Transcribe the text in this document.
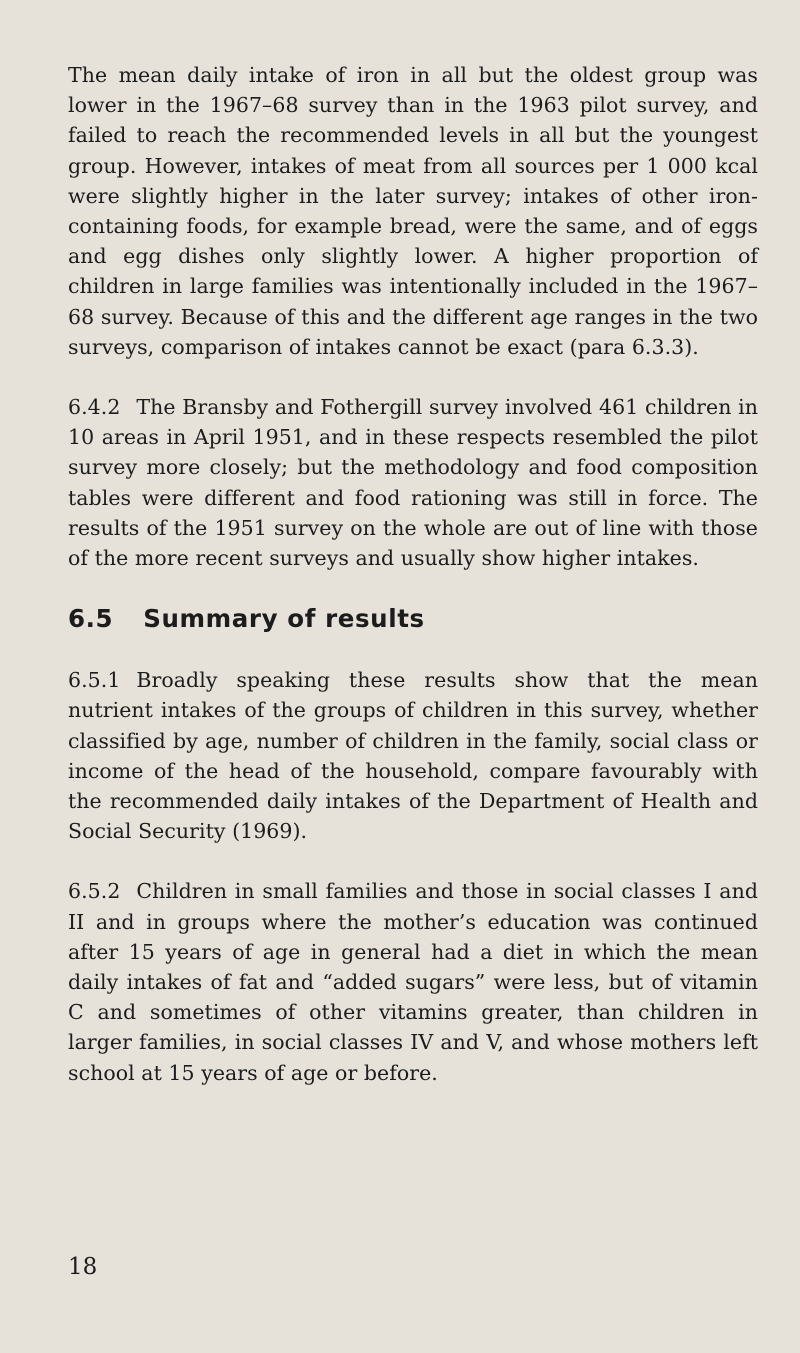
The mean daily intake of iron in all but the oldest group was lower in the 1967–68 survey than in the 1963 pilot survey, and failed to reach the recommended levels in all but the youngest group. However, intakes of meat from all sources per 1 000 kcal were slightly higher in the later survey; intakes of other iron-containing foods, for example bread, were the same, and of eggs and egg dishes only slightly lower. A higher proportion of children in large families was intentionally included in the 1967–68 survey. Because of this and the different age ranges in the two surveys, comparison of intakes cannot be exact (para 6.3.3).

6.4.2 The Bransby and Fothergill survey involved 461 children in 10 areas in April 1951, and in these respects resembled the pilot survey more closely; but the methodology and food composition tables were different and food rationing was still in force. The results of the 1951 survey on the whole are out of line with those of the more recent surveys and usually show higher intakes.

6.5 Summary of results

6.5.1 Broadly speaking these results show that the mean nutrient intakes of the groups of children in this survey, whether classified by age, number of children in the family, social class or income of the head of the household, compare favourably with the recommended daily intakes of the Department of Health and Social Security (1969).

6.5.2 Children in small families and those in social classes I and II and in groups where the mother’s education was continued after 15 years of age in general had a diet in which the mean daily intakes of fat and “added sugars” were less, but of vitamin C and sometimes of other vitamins greater, than children in larger families, in social classes IV and V, and whose mothers left school at 15 years of age or before.

18
